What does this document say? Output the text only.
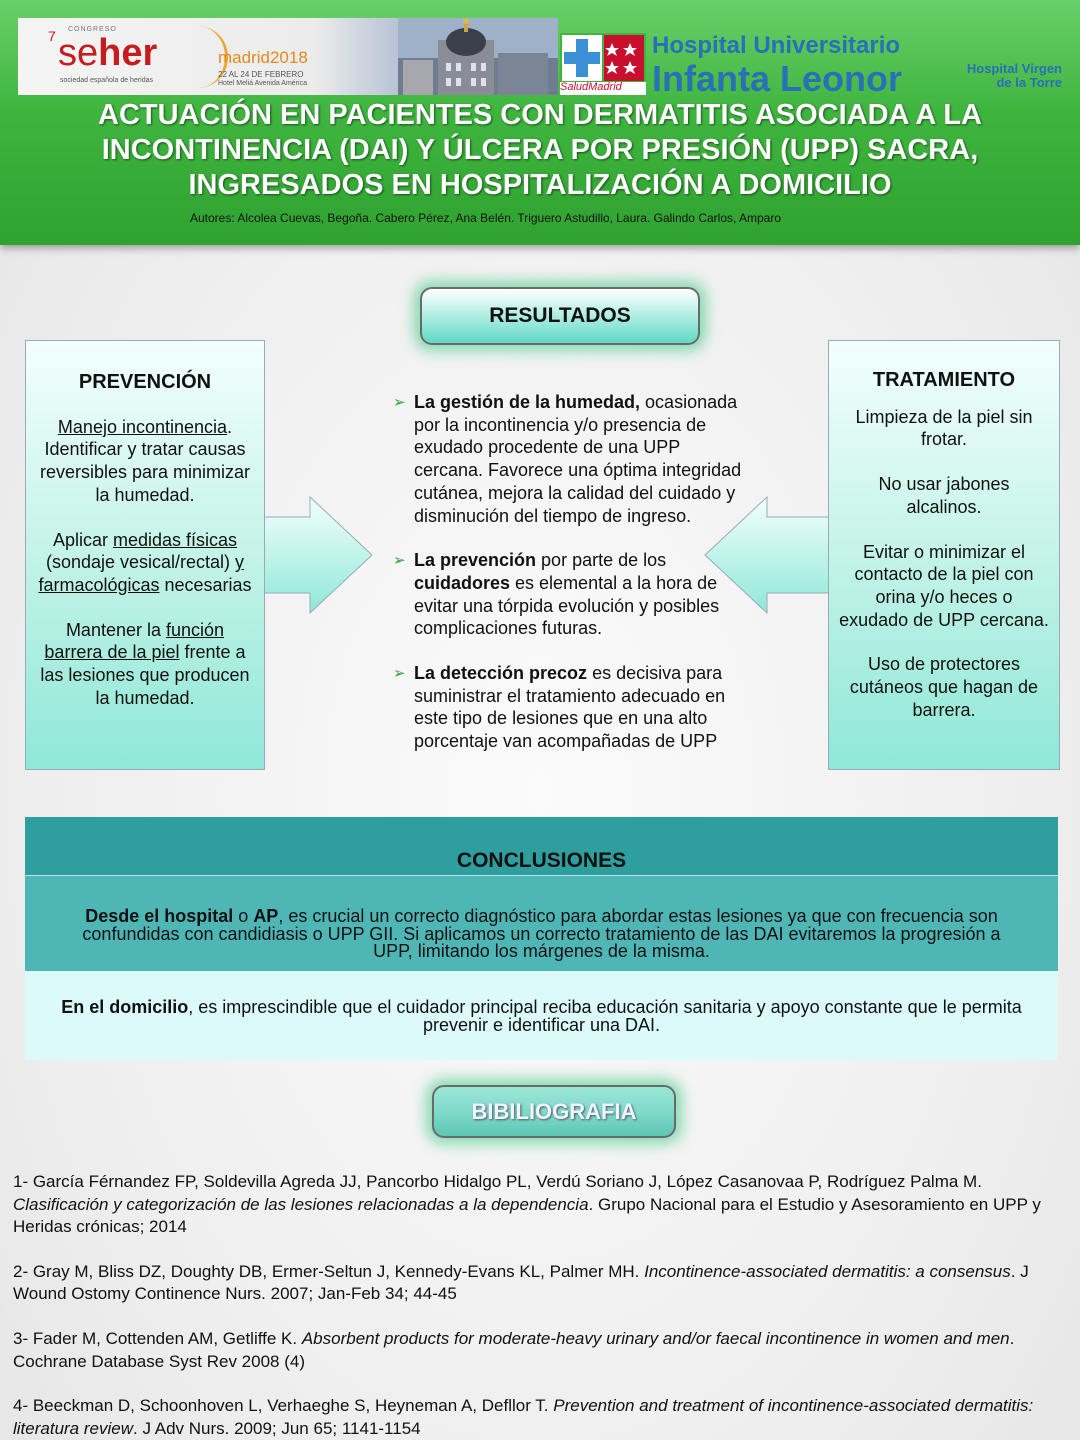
7 CONGRESO
seher
sociedad española de heridas
madrid2018
22 AL 24 DE FEBRERO
Hotel Meliá Avenida América	SaludMadrid
Hospital Universitario
Infanta Leonor	Hospital Virgen
de la Torre
ACTUACIÓN EN PACIENTES CON DERMATITIS ASOCIADA A LA INCONTINENCIA (DAI) Y ÚLCERA POR PRESIÓN (UPP) SACRA, INGRESADOS EN HOSPITALIZACIÓN A DOMICILIO
Autores: Alcolea Cuevas, Begoña. Cabero Pérez, Ana Belén. Triguero Astudillo, Laura. Galindo Carlos, Amparo
RESULTADOS
PREVENCIÓN

Manejo incontinencia. Identificar y tratar causas reversibles para minimizar la humedad.

Aplicar medidas físicas (sondaje vesical/rectal) y farmacológicas necesarias

Mantener la función barrera de la piel frente a las lesiones que producen la humedad.

TRATAMIENTO

Limpieza de la piel sin frotar.

No usar jabones alcalinos.

Evitar o minimizar el contacto de la piel con orina y/o heces o exudado de UPP cercana.

Uso de protectores cutáneos que hagan de barrera.

➢ La gestión de la humedad, ocasionada por la incontinencia y/o presencia de exudado procedente de una UPP cercana. Favorece una óptima integridad cutánea, mejora la calidad del cuidado y disminución del tiempo de ingreso.
➢ La prevención por parte de los cuidadores es elemental a la hora de evitar una tórpida evolución y posibles complicaciones futuras.
➢ La detección precoz es decisiva para suministrar el tratamiento adecuado en este tipo de lesiones que en una alto porcentaje van acompañadas de UPP
CONCLUSIONES
Desde el hospital o AP, es crucial un correcto diagnóstico para abordar estas lesiones ya que con frecuencia son confundidas con candidiasis o UPP GII. Si aplicamos un correcto tratamiento de las DAI evitaremos la progresión a UPP, limitando los márgenes de la misma.
En el domicilio, es imprescindible que el cuidador principal reciba educación sanitaria y apoyo constante que le permita prevenir e identificar una DAI.
BIBILIOGRAFIA

1- García Férnandez FP, Soldevilla Agreda JJ, Pancorbo Hidalgo PL, Verdú Soriano J, López Casanovaa P, Rodríguez Palma M. Clasificación y categorización de las lesiones relacionadas a la dependencia. Grupo Nacional para el Estudio y Asesoramiento en UPP y Heridas crónicas; 2014

2- Gray M, Bliss DZ, Doughty DB, Ermer-Seltun J, Kennedy-Evans KL, Palmer MH. Incontinence-associated dermatitis: a consensus. J Wound Ostomy Continence Nurs. 2007; Jan-Feb 34; 44-45

3- Fader M, Cottenden AM, Getliffe K. Absorbent products for moderate-heavy urinary and/or faecal incontinence in women and men. Cochrane Database Syst Rev 2008 (4)

4- Beeckman D, Schoonhoven L, Verhaeghe S, Heyneman A, Defllor T. Prevention and treatment of incontinence-associated dermatitis: literatura review. J Adv Nurs. 2009; Jun 65; 1141-1154
